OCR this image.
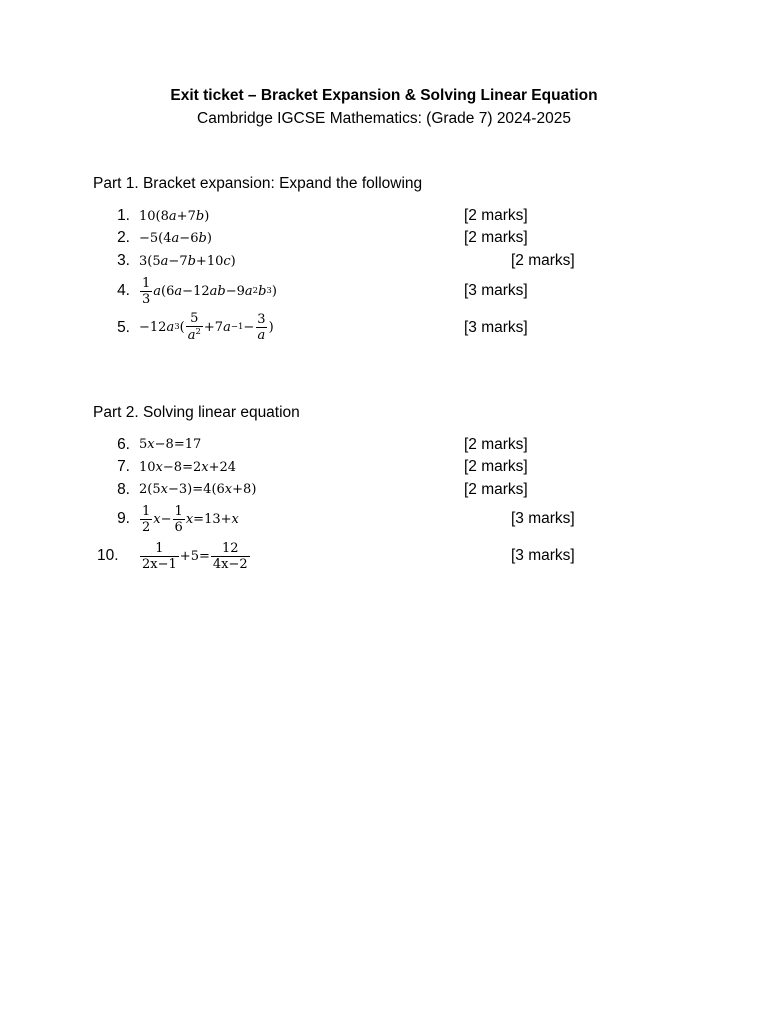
Exit ticket – Bracket Expansion & Solving Linear Equation
Cambridge IGCSE Mathematics: (Grade 7) 2024-2025
Part 1. Bracket expansion: Expand the following
1. 10 ( 8 a + 7 b )	[2 marks]
2. −5 ( 4 a − 6 b )	[2 marks]
3. 3 ( 5 a − 7 b + 10 c )	[2 marks]
4. $\frac{1}{3}$ a ( 6 a − 12 ab − 9 a 2 b 3 )	[3 marks]
5. −12 a 3 ( $\frac{5}{a^2} + 7$ $a -1 - \frac{3}{a}$ )	[3 marks]
Part 2. Solving linear equation
6. 5 x − 8 = 17	[2 marks]
7. 10 x − 8 = 2 x + 24	[2 marks]
8. 2 ( 5 x − 3 ) = 4 ( 6 x + 8 )	[2 marks]
9. $\frac{1}{2}$ $x - \frac{1}{6}$ x = 13 + x	[3 marks]
10.	$\frac{1}{2x-1} + 5 = \frac{12}{4x-2}$	[3 marks]
